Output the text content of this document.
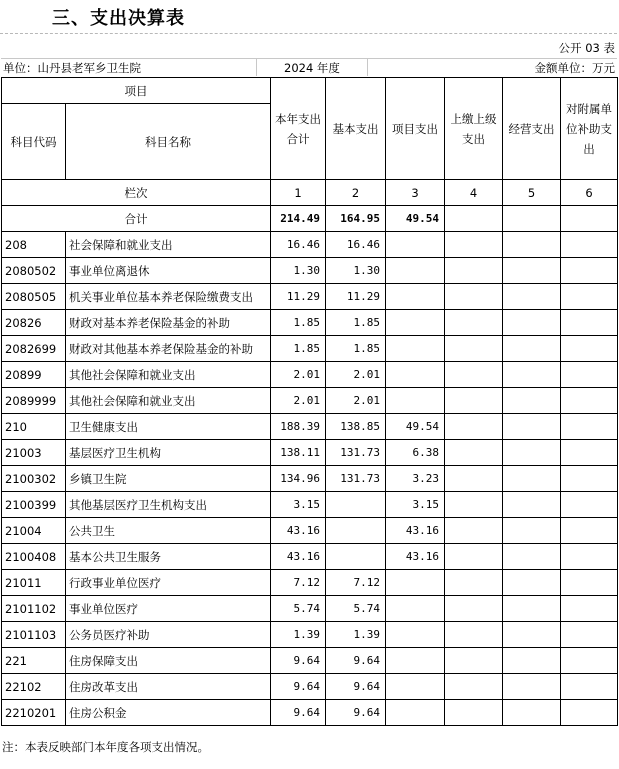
三、支出决算表
公开 03 表
单位：山丹县老军乡卫生院	2024 年度	金额单位：万元
项目		本年支出合计	基本支出	项目支出	上缴上级支出	经营支出	对附属单位补助支出
科目代码	科目名称						

栏次		1	2	3	4	5	6
合计		214.49	164.95	49.54			
208	社会保障和就业支出	16.46	16.46				
2080502	事业单位离退休	1.30	1.30				
2080505	机关事业单位基本养老保险缴费支出	11.29	11.29				
20826	财政对基本养老保险基金的补助	1.85	1.85				
2082699	财政对其他基本养老保险基金的补助	1.85	1.85				
20899	其他社会保障和就业支出	2.01	2.01				
2089999	其他社会保障和就业支出	2.01	2.01				
210	卫生健康支出	188.39	138.85	49.54			
21003	基层医疗卫生机构	138.11	131.73	6.38			
2100302	乡镇卫生院	134.96	131.73	3.23			
2100399	其他基层医疗卫生机构支出	3.15		3.15			
21004	公共卫生	43.16		43.16			
2100408	基本公共卫生服务	43.16		43.16			
21011	行政事业单位医疗	7.12	7.12				
2101102	事业单位医疗	5.74	5.74				
2101103	公务员医疗补助	1.39	1.39				
221	住房保障支出	9.64	9.64				
22102	住房改革支出	9.64	9.64				
2210201	住房公积金	9.64	9.64				
注：本表反映部门本年度各项支出情况。
